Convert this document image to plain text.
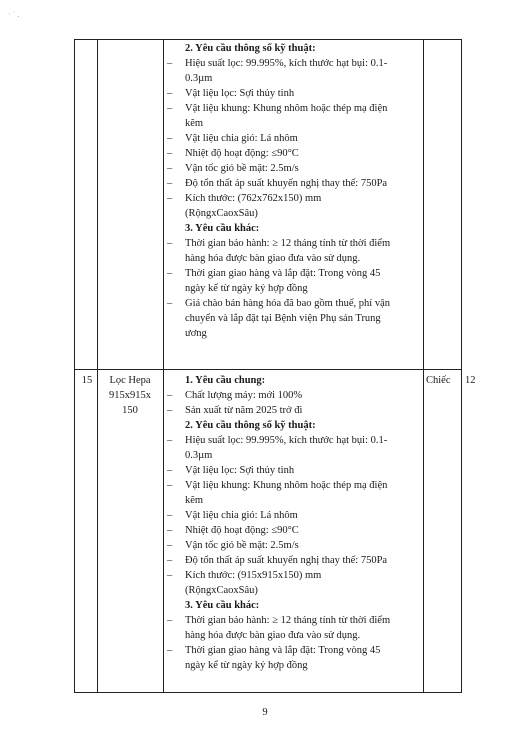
· ˙ .
2. Yêu cầu thông số kỹ thuật:
– Hiệu suất lọc: 99.995%, kích thước hạt bụi: 0.1-
0.3µm
– Vật liệu lọc: Sợi thủy tinh
– Vật liệu khung: Khung nhôm hoặc thép mạ điện
kẽm
– Vật liệu chia gió: Lá nhôm
– Nhiệt độ hoạt động: ≤90°C
– Vận tốc gió bề mặt: 2.5m/s
– Độ tổn thất áp suất khuyến nghị thay thế: 750Pa
– Kích thước: (762x762x150) mm
(RộngxCaoxSâu)
3. Yêu cầu khác:
– Thời gian bảo hành: ≥ 12 tháng tính từ thời điểm
hàng hóa được bàn giao đưa vào sử dụng.
– Thời gian giao hàng và lắp đặt: Trong vòng 45
ngày kể từ ngày ký hợp đồng
– Giá chào bán hàng hóa đã bao gồm thuế, phí vận
chuyển và lắp đặt tại Bệnh viện Phụ sản Trung
ương
15	Lọc Hepa
915x915x
150
Chiếc 12
1. Yêu cầu chung:
– Chất lượng máy: mới 100%
– Sản xuất từ năm 2025 trở đi
2. Yêu cầu thông số kỹ thuật:
– Hiệu suất lọc: 99.995%, kích thước hạt bụi: 0.1-
0.3µm
– Vật liệu lọc: Sợi thủy tinh
– Vật liệu khung: Khung nhôm hoặc thép mạ điện
kẽm
– Vật liệu chia gió: Lá nhôm
– Nhiệt độ hoạt động: ≤90°C
– Vận tốc gió bề mặt: 2.5m/s
– Độ tổn thất áp suất khuyến nghị thay thế: 750Pa
– Kích thước: (915x915x150) mm
(RộngxCaoxSâu)
3. Yêu cầu khác:
– Thời gian bảo hành: ≥ 12 tháng tính từ thời điểm
hàng hóa được bàn giao đưa vào sử dụng.
– Thời gian giao hàng và lắp đặt: Trong vòng 45
ngày kể từ ngày ký hợp đồng
9
